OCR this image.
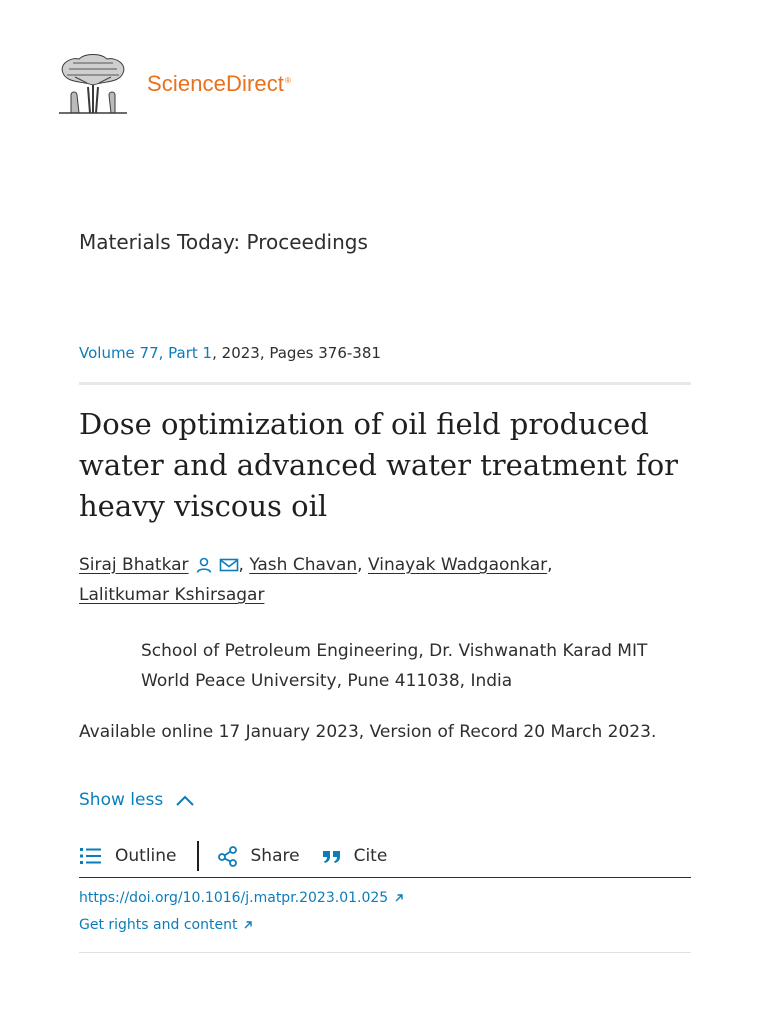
ScienceDirect®
Materials Today: Proceedings
Volume 77, Part 1, 2023, Pages 376-381
Dose optimization of oil field produced water and advanced water treatment for heavy viscous oil
Siraj Bhatkar	, Yash Chavan, Vinayak Wadgaonkar,
Lalitkumar Kshirsagar
School of Petroleum Engineering, Dr. Vishwanath Karad MIT World Peace University, Pune 411038, India
Available online 17 January 2023, Version of Record 20 March 2023.
Show less
Outline	Share	Cite
https://doi.org/10.1016/j.matpr.2023.01.025
Get rights and content
